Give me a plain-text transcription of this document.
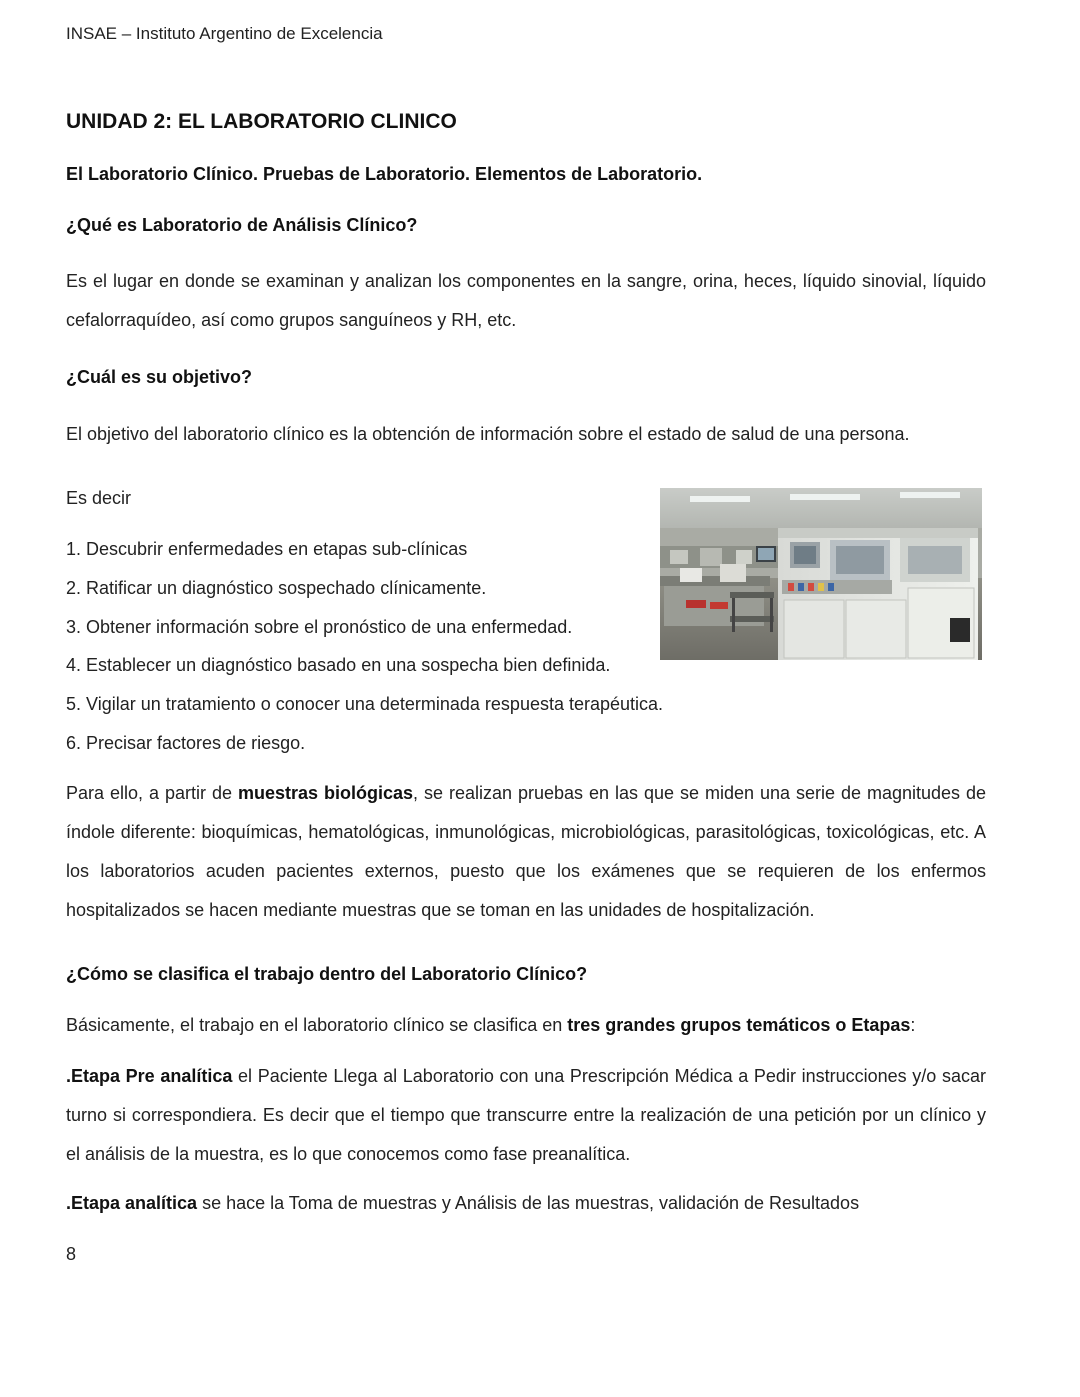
INSAE – Instituto Argentino de Excelencia
UNIDAD 2: EL LABORATORIO CLINICO
El Laboratorio Clínico. Pruebas de Laboratorio. Elementos de Laboratorio.
¿Qué es Laboratorio de Análisis Clínico?
Es el lugar en donde se examinan y analizan los componentes en la sangre, orina, heces, líquido sinovial, líquido cefalorraquídeo, así como grupos sanguíneos y RH, etc.
¿Cuál es su objetivo?
El objetivo del laboratorio clínico es la obtención de información sobre el estado de salud de una persona.
Es decir
1. Descubrir enfermedades en etapas sub-clínicas
2. Ratificar un diagnóstico sospechado clínicamente.
3. Obtener información sobre el pronóstico de una enfermedad.
4. Establecer un diagnóstico basado en una sospecha bien definida.
5. Vigilar un tratamiento o conocer una determinada respuesta terapéutica.
6. Precisar factores de riesgo.
Para ello, a partir de muestras biológicas, se realizan pruebas en las que se miden una serie de magnitudes de índole diferente: bioquímicas, hematológicas, inmunológicas, microbiológicas, parasitológicas, toxicológicas, etc. A los laboratorios acuden pacientes externos, puesto que los exámenes que se requieren de los enfermos hospitalizados se hacen mediante muestras que se toman en las unidades de hospitalización.
¿Cómo se clasifica el trabajo dentro del Laboratorio Clínico?
Básicamente, el trabajo en el laboratorio clínico se clasifica en tres grandes grupos temáticos o Etapas:
.Etapa Pre analítica el Paciente Llega al Laboratorio con una Prescripción Médica a Pedir instrucciones y/o sacar turno si correspondiera. Es decir que el tiempo que transcurre entre la realización de una petición por un clínico y el análisis de la muestra, es lo que conocemos como fase preanalítica.
.Etapa analítica se hace la Toma de muestras y Análisis de las muestras, validación de Resultados
8
